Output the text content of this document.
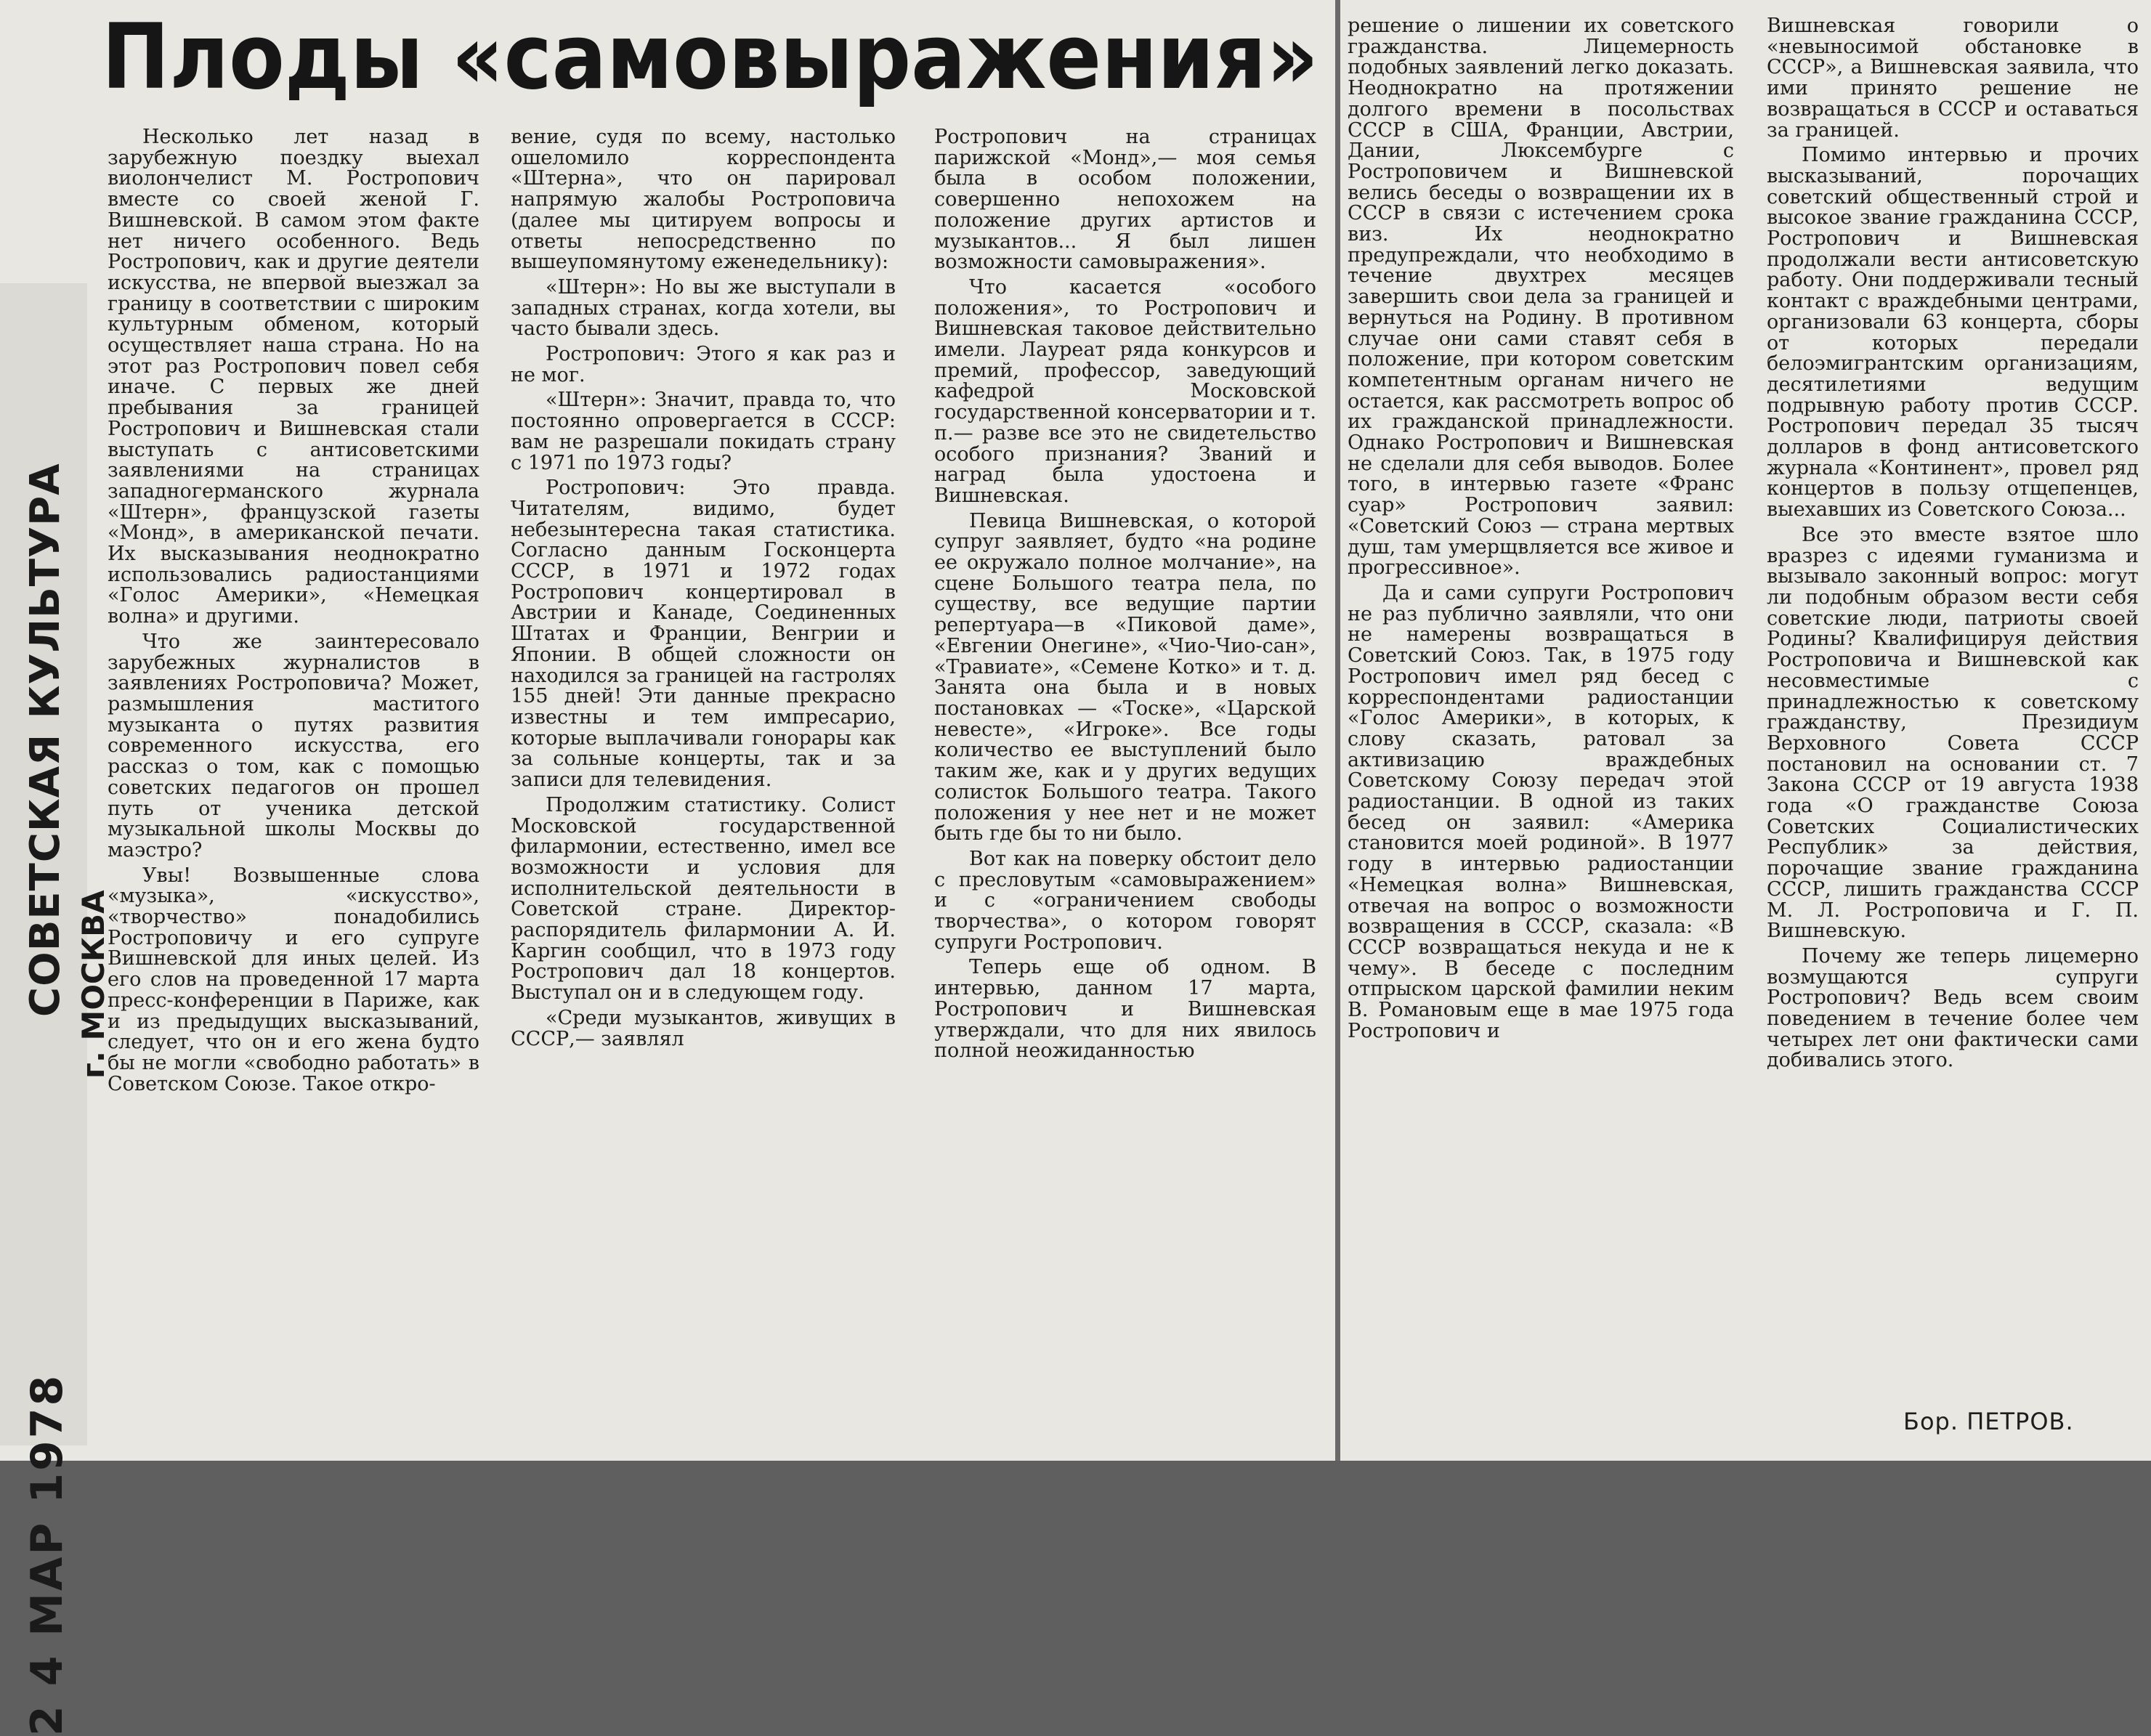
СОВЕТСКАЯ КУЛЬТУРА г. МОСКВА
2 4 МАР 1978
Плоды «самовыражения»

Несколько лет назад в зарубежную поездку выехал виолончелист М. Ростропович вместе со своей женой Г. Вишневской. В самом этом факте нет ничего особенного. Ведь Ростропович, как и другие деятели искусства, не впервой выезжал за границу в соответствии с широким культурным обменом, который осуществляет наша страна. Но на этот раз Ростропович повел себя иначе. С первых же дней пребывания за границей Ростропович и Вишневская стали выступать с антисоветскими заявлениями на страницах западногерманского журнала «Штерн», французской газеты «Монд», в американской печати. Их высказывания неоднократно использовались радиостанциями «Голос Америки», «Немецкая волна» и другими.

Что же заинтересовало зарубежных журналистов в заявлениях Ростроповича? Может, размышления маститого музыканта о путях развития современного искусства, его рассказ о том, как с помощью советских педагогов он прошел путь от ученика детской музыкальной школы Москвы до маэстро?

Увы! Возвышенные слова «музыка», «искусство», «творчество» понадобились Ростроповичу и его супруге Вишневской для иных целей. Из его слов на проведенной 17 марта пресс-конференции в Париже, как и из предыдущих высказываний, следует, что он и его жена будто бы не могли «свободно работать» в Советском Союзе. Такое откро-

вение, судя по всему, настолько ошеломило корреспондента «Штерна», что он парировал напрямую жалобы Ростроповича (далее мы цитируем вопросы и ответы непосредственно по вышеупомянутому еженедельнику):

«Штерн»: Но вы же выступали в западных странах, когда хотели, вы часто бывали здесь.

Ростропович: Этого я как раз и не мог.

«Штерн»: Значит, правда то, что постоянно опровергается в СССР: вам не разрешали покидать страну с 1971 по 1973 годы?

Ростропович: Это правда. Читателям, видимо, будет небезынтересна такая статистика. Согласно данным Госконцерта СССР, в 1971 и 1972 годах Ростропович концертировал в Австрии и Канаде, Соединенных Штатах и Франции, Венгрии и Японии. В общей сложности он находился за границей на гастролях 155 дней! Эти данные прекрасно известны и тем импресарио, которые выплачивали гонорары как за сольные концерты, так и за записи для телевидения.

Продолжим статистику. Солист Московской государственной филармонии, естественно, имел все возможности и условия для исполнительской деятельности в Советской стране. Директор-распорядитель филармонии А. И. Каргин сообщил, что в 1973 году Ростропович дал 18 концертов. Выступал он и в следующем году.

«Среди музыкантов, живущих в СССР,— заявлял

Ростропович на страницах парижской «Монд»,— моя семья была в особом положении, совершенно непохожем на положение других артистов и музыкантов... Я был лишен возможности самовыражения».

Что касается «особого положения», то Ростропович и Вишневская таковое действительно имели. Лауреат ряда конкурсов и премий, профессор, заведующий кафедрой Московской государственной консерватории и т. п.— разве все это не свидетельство особого признания? Званий и наград была удостоена и Вишневская.

Певица Вишневская, о которой супруг заявляет, будто «на родине ее окружало полное молчание», на сцене Большого театра пела, по существу, все ведущие партии репертуара—в «Пиковой даме», «Евгении Онегине», «Чио-Чио-сан», «Травиате», «Семене Котко» и т. д. Занята она была и в новых постановках — «Тоске», «Царской невесте», «Игроке». Все годы количество ее выступлений было таким же, как и у других ведущих солисток Большого театра. Такого положения у нее нет и не может быть где бы то ни было.

Вот как на поверку обстоит дело с пресловутым «самовыражением» и с «ограничением свободы творчества», о котором говорят супруги Ростропович.

Теперь еще об одном. В интервью, данном 17 марта, Ростропович и Вишневская утверждали, что для них явилось полной неожиданностью

решение о лишении их советского гражданства. Лицемерность подобных заявлений легко доказать. Неоднократно на протяжении долгого времени в посольствах СССР в США, Франции, Австрии, Дании, Люксембурге с Ростроповичем и Вишневской велись беседы о возвращении их в СССР в связи с истечением срока виз. Их неоднократно предупреждали, что необходимо в течение двухтрех месяцев завершить свои дела за границей и вернуться на Родину. В противном случае они сами ставят себя в положение, при котором советским компетентным органам ничего не остается, как рассмотреть вопрос об их гражданской принадлежности. Однако Ростропович и Вишневская не сделали для себя выводов. Более того, в интервью газете «Франс суар» Ростропович заявил: «Советский Союз — страна мертвых душ, там умерщвляется все живое и прогрессивное».

Да и сами супруги Ростропович не раз публично заявляли, что они не намерены возвращаться в Советский Союз. Так, в 1975 году Ростропович имел ряд бесед с корреспондентами радиостанции «Голос Америки», в которых, к слову сказать, ратовал за активизацию враждебных Советскому Союзу передач этой радиостанции. В одной из таких бесед он заявил: «Америка становится моей родиной». В 1977 году в интервью радиостанции «Немецкая волна» Вишневская, отвечая на вопрос о возможности возвращения в СССР, сказала: «В СССР возвращаться некуда и не к чему». В беседе с последним отпрыском царской фамилии неким В. Романовым еще в мае 1975 года Ростропович и

Вишневская говорили о «невыносимой обстановке в СССР», а Вишневская заявила, что ими принято решение не возвращаться в СССР и оставаться за границей.

Помимо интервью и прочих высказываний, порочащих советский общественный строй и высокое звание гражданина СССР, Ростропович и Вишневская продолжали вести антисоветскую работу. Они поддерживали тесный контакт с враждебными центрами, организовали 63 концерта, сборы от которых передали белоэмигрантским организациям, десятилетиями ведущим подрывную работу против СССР. Ростропович передал 35 тысяч долларов в фонд антисоветского журнала «Континент», провел ряд концертов в пользу отщепенцев, выехавших из Советского Союза...

Все это вместе взятое шло вразрез с идеями гуманизма и вызывало законный вопрос: могут ли подобным образом вести себя советские люди, патриоты своей Родины? Квалифицируя действия Ростроповича и Вишневской как несовместимые с принадлежностью к советскому гражданству, Президиум Верховного Совета СССР постановил на основании ст. 7 Закона СССР от 19 августа 1938 года «О гражданстве Союза Советских Социалистических Республик» за действия, порочащие звание гражданина СССР, лишить гражданства СССР М. Л. Ростроповича и Г. П. Вишневскую.

Почему же теперь лицемерно возмущаются супруги Ростропович? Ведь всем своим поведением в течение более чем четырех лет они фактически сами добивались этого.

Бор. ПЕТРОВ.
